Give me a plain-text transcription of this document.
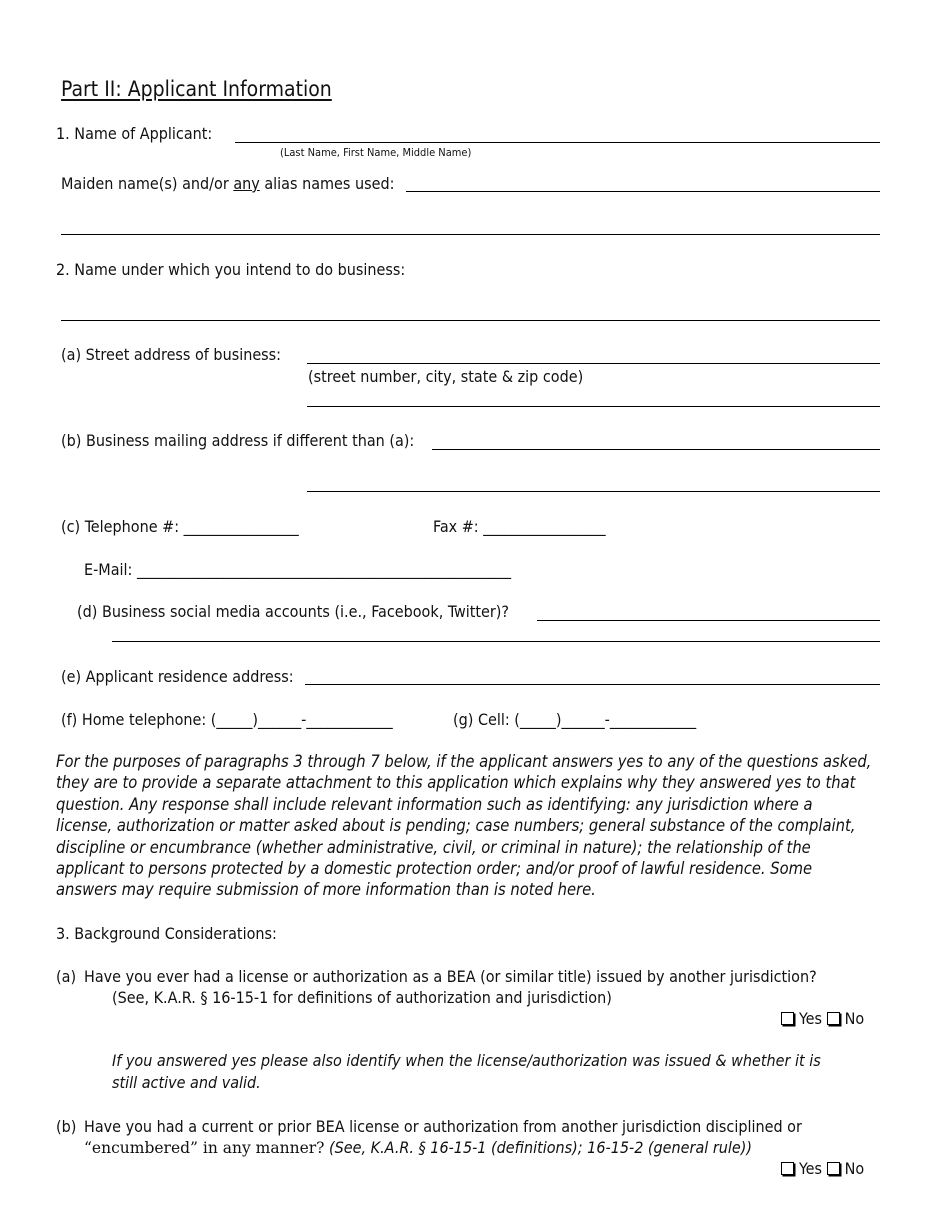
Part II: Applicant Information
1. Name of Applicant:
(Last Name, First Name, Middle Name)
Maiden name(s) and/or any alias names used:
2. Name under which you intend to do business:
(a) Street address of business:
(street number, city, state & zip code)
(b) Business mailing address if different than (a):
(c) Telephone #: ________________	Fax #: _________________
E-Mail: ____________________________________________________
(d) Business social media accounts (i.e., Facebook, Twitter)?
(e) Applicant residence address:
(f) Home telephone: (_____)______-____________	(g) Cell: (_____)______-____________
For the purposes of paragraphs 3 through 7 below, if the applicant answers yes to any of the questions asked,
they are to provide a separate attachment to this application which explains why they answered yes to that
question. Any response shall include relevant information such as identifying: any jurisdiction where a
license, authorization or matter asked about is pending; case numbers; general substance of the complaint,
discipline or encumbrance (whether administrative, civil, or criminal in nature); the relationship of the
applicant to persons protected by a domestic protection order; and/or proof of lawful residence. Some
answers may require submission of more information than is noted here.
3. Background Considerations:
(a) Have you ever had a license or authorization as a BEA (or similar title) issued by another jurisdiction?
(See, K.A.R. § 16-15-1 for definitions of authorization and jurisdiction)
Yes No
If you answered yes please also identify when the license/authorization was issued & whether it is
still active and valid.
(b) Have you had a current or prior BEA license or authorization from another jurisdiction disciplined or
“encumbered” in any manner? (See, K.A.R. § 16-15-1 (definitions); 16-15-2 (general rule))
Yes No
